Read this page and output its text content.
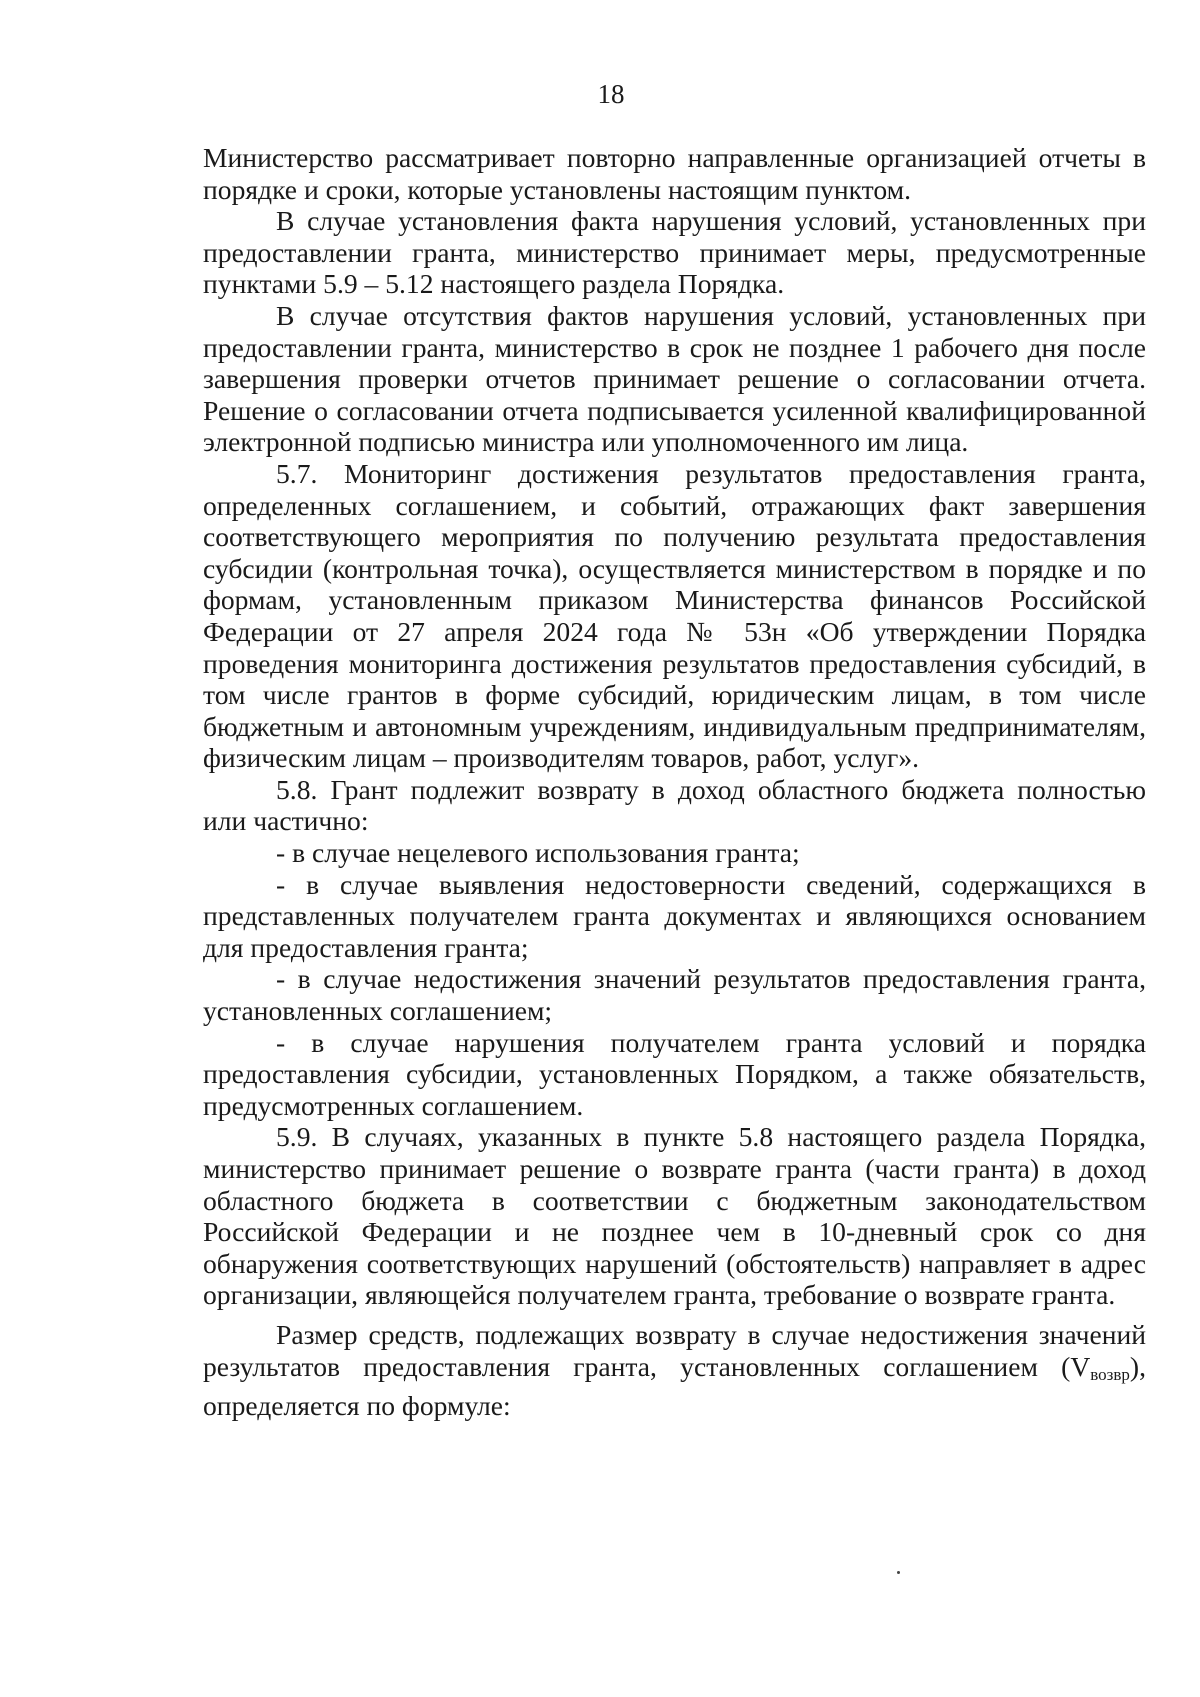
18

Министерство рассматривает повторно направленные организацией отчеты в порядке и сроки, которые установлены настоящим пунктом.

В случае установления факта нарушения условий, установленных при предоставлении гранта, министерство принимает меры, предусмотренные пунктами 5.9 – 5.12 настоящего раздела Порядка.

В случае отсутствия фактов нарушения условий, установленных при предоставлении гранта, министерство в срок не позднее 1 рабочего дня после завершения проверки отчетов принимает решение о согласовании отчета. Решение о согласовании отчета подписывается усиленной квалифицированной электронной подписью министра или уполномоченного им лица.

5.7. Мониторинг достижения результатов предоставления гранта, определенных соглашением, и событий, отражающих факт завершения соответствующего мероприятия по получению результата предоставления субсидии (контрольная точка), осуществляется министерством в порядке и по формам, установленным приказом Министерства финансов Российской Федерации от 27 апреля 2024 года № 53н «Об утверждении Порядка проведения мониторинга достижения результатов предоставления субсидий, в том числе грантов в форме субсидий, юридическим лицам, в том числе бюджетным и автономным учреждениям, индивидуальным предпринимателям, физическим лицам – производителям товаров, работ, услуг».

5.8. Грант подлежит возврату в доход областного бюджета полностью или частично:

- в случае нецелевого использования гранта;

- в случае выявления недостоверности сведений, содержащихся в представленных получателем гранта документах и являющихся основанием для предоставления гранта;

- в случае недостижения значений результатов предоставления гранта, установленных соглашением;

- в случае нарушения получателем гранта условий и порядка предоставления субсидии, установленных Порядком, а также обязательств, предусмотренных соглашением.

5.9. В случаях, указанных в пункте 5.8 настоящего раздела Порядка, министерство принимает решение о возврате гранта (части гранта) в доход областного бюджета в соответствии с бюджетным законодательством Российской Федерации и не позднее чем в 10-дневный срок со дня обнаружения соответствующих нарушений (обстоятельств) направляет в адрес организации, являющейся получателем гранта, требование о возврате гранта.

Размер средств, подлежащих возврату в случае недостижения значений результатов предоставления гранта, установленных соглашением $(V_{возвр})$, определяется по формуле:
